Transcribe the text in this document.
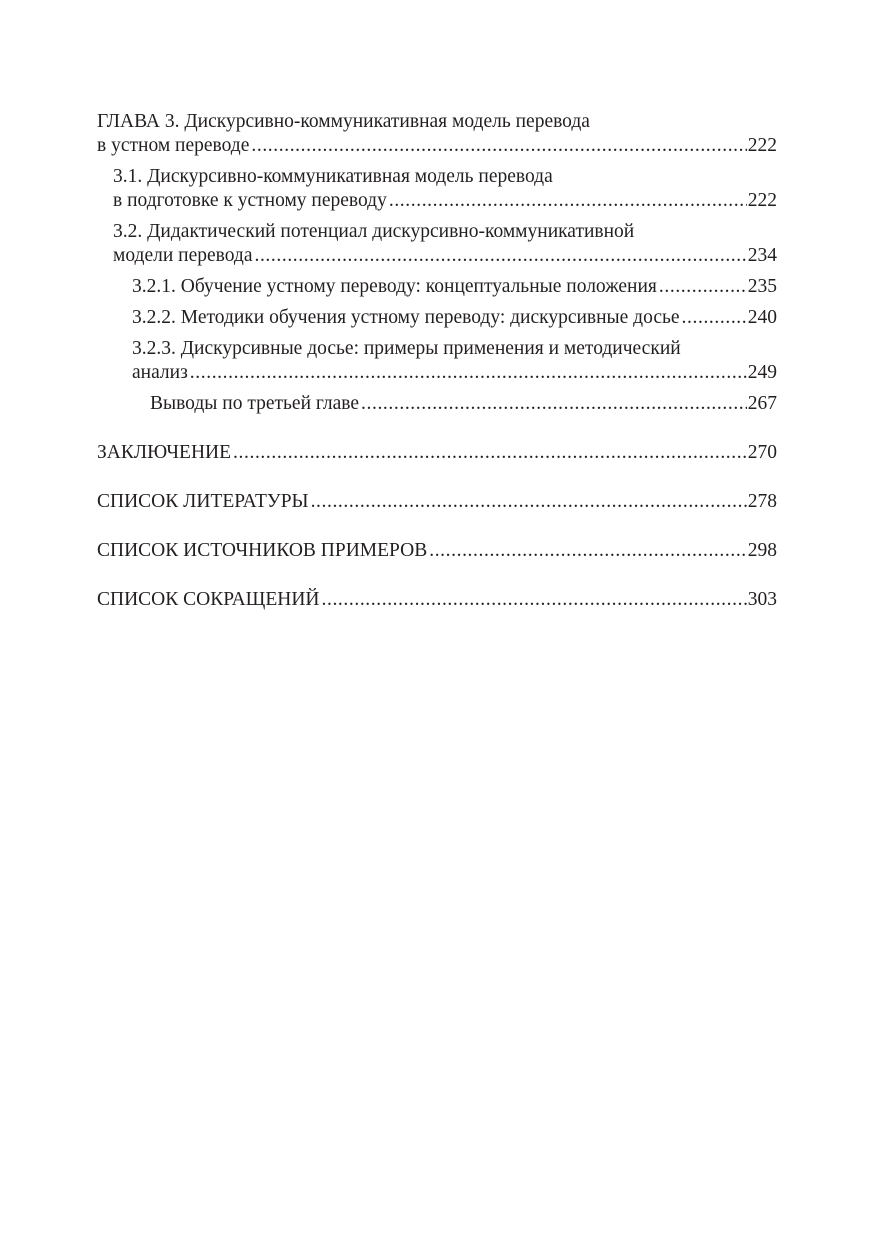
ГЛАВА 3. Дискурсивно-коммуникативная модель перевода
в устном переводе .....	222
3.1. Дискурсивно-коммуникативная модель перевода
в подготовке к устному переводу .....	222
3.2. Дидактический потенциал дискурсивно-коммуникативной
модели перевода .....	234
3.2.1. Обучение устному переводу: концептуальные положения .....	235
3.2.2. Методики обучения устному переводу: дискурсивные досье .....	240
3.2.3. Дискурсивные досье: примеры применения и методический
анализ .....	249
Выводы по третьей главе .....	267
ЗАКЛЮЧЕНИЕ .....	270
СПИСОК ЛИТЕРАТУРЫ .....	278
СПИСОК ИСТОЧНИКОВ ПРИМЕРОВ .....	298
СПИСОК СОКРАЩЕНИЙ .....	303
